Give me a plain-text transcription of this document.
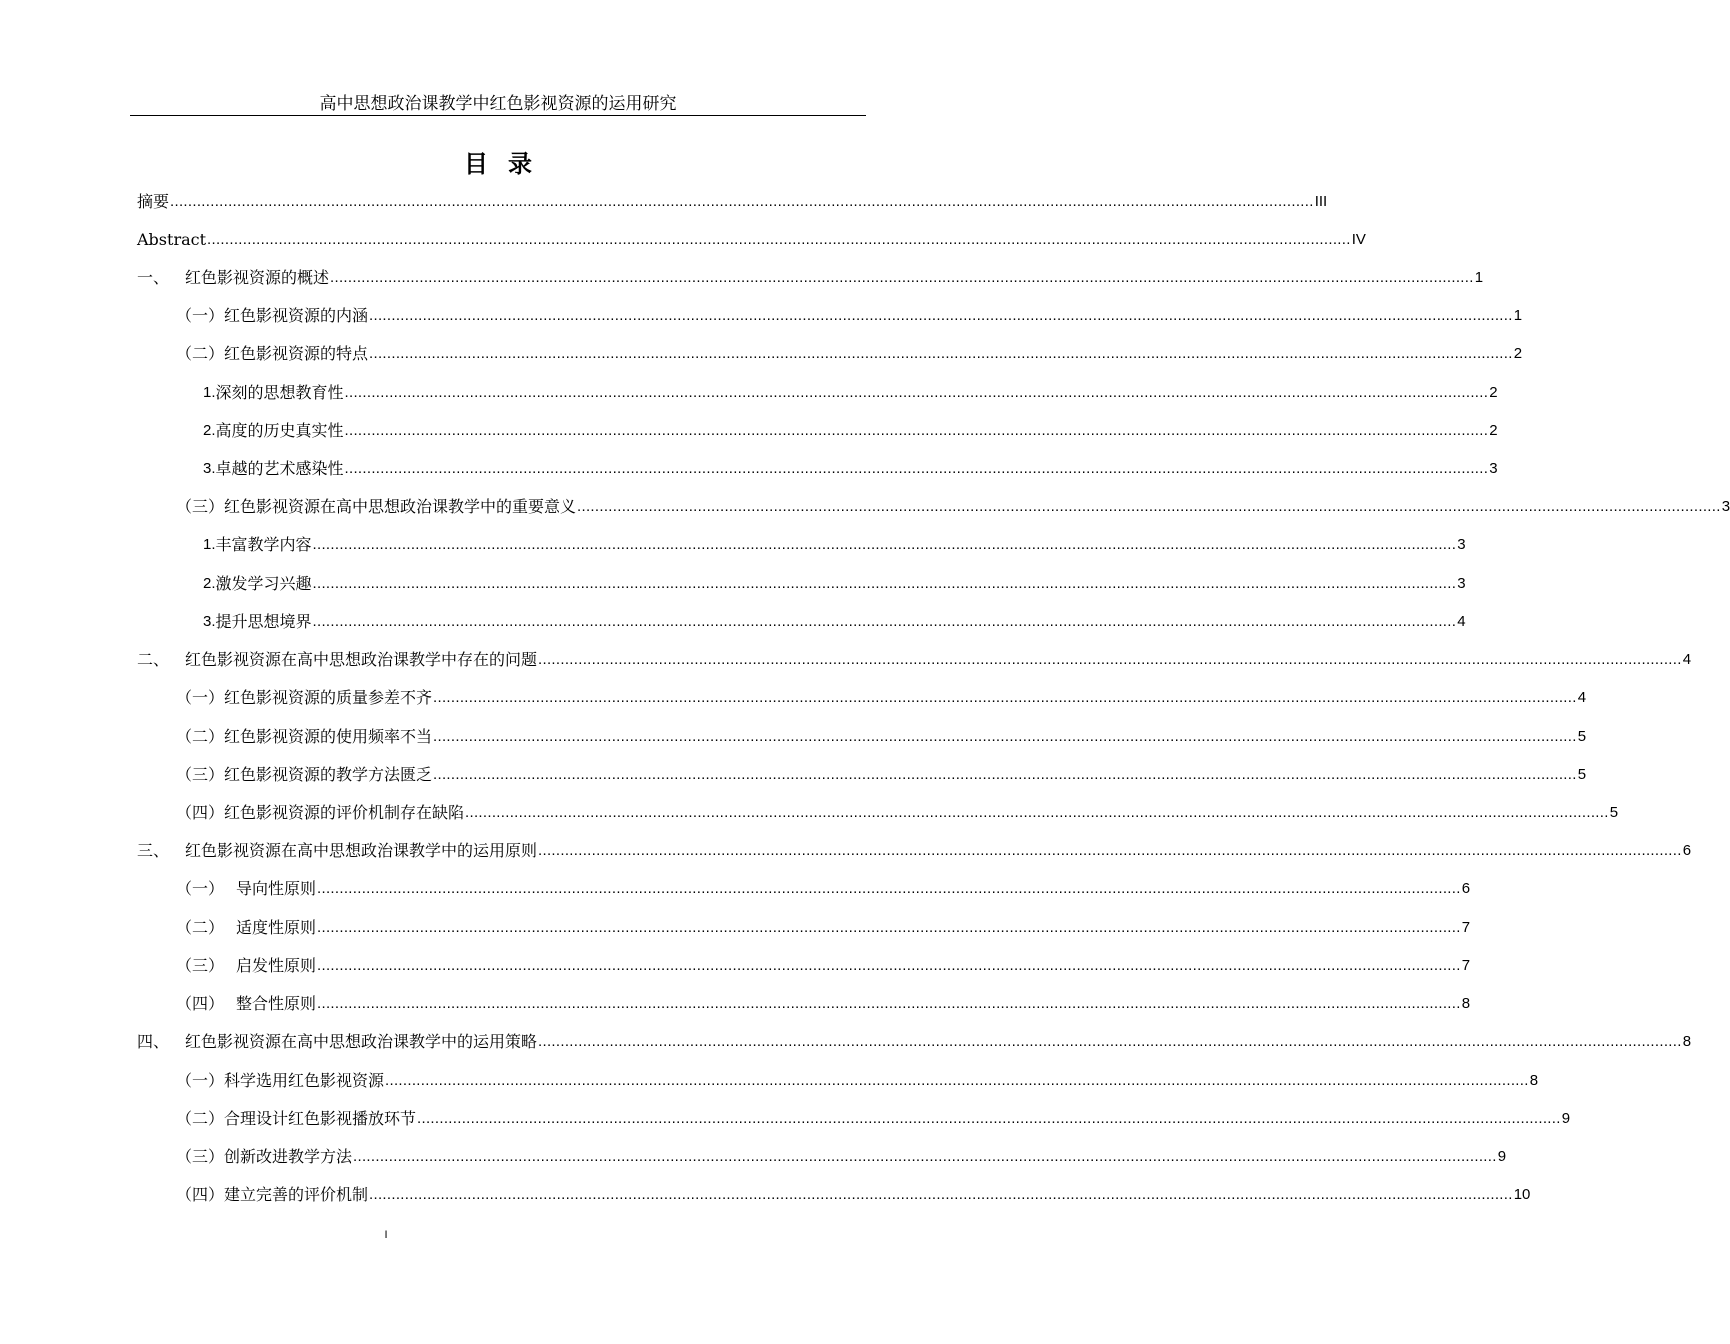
高中思想政治课教学中红色影视资源的运用研究
目录
摘要 ................................................................................................................................................................................................................................................................ III
Abstract ................................................................................................................................................................................................................................................................ IV
一、 红色影视资源的概述 ................................................................................................................................................................................................................................................................ 1
（一）红色影视资源的内涵 ................................................................................................................................................................................................................................................................ 1
（二）红色影视资源的特点 ................................................................................................................................................................................................................................................................ 2
1. 深刻的思想教育性 ................................................................................................................................................................................................................................................................ 2
2. 高度的历史真实性 ................................................................................................................................................................................................................................................................ 2
3. 卓越的艺术感染性 ................................................................................................................................................................................................................................................................ 3
（三）红色影视资源在高中思想政治课教学中的重要意义 ................................................................................................................................................................................................................................................................ 3
1. 丰富教学内容 ................................................................................................................................................................................................................................................................ 3
2. 激发学习兴趣 ................................................................................................................................................................................................................................................................ 3
3. 提升思想境界 ................................................................................................................................................................................................................................................................ 4
二、 红色影视资源在高中思想政治课教学中存在的问题 ................................................................................................................................................................................................................................................................ 4
（一）红色影视资源的质量参差不齐 ................................................................................................................................................................................................................................................................ 4
（二）红色影视资源的使用频率不当 ................................................................................................................................................................................................................................................................ 5
（三）红色影视资源的教学方法匮乏 ................................................................................................................................................................................................................................................................ 5
（四）红色影视资源的评价机制存在缺陷 ................................................................................................................................................................................................................................................................ 5
三、 红色影视资源在高中思想政治课教学中的运用原则 ................................................................................................................................................................................................................................................................ 6
（一） 导向性原则 ................................................................................................................................................................................................................................................................ 6
（二） 适度性原则 ................................................................................................................................................................................................................................................................ 7
（三） 启发性原则 ................................................................................................................................................................................................................................................................ 7
（四） 整合性原则 ................................................................................................................................................................................................................................................................ 8
四、 红色影视资源在高中思想政治课教学中的运用策略 ................................................................................................................................................................................................................................................................ 8
（一）科学选用红色影视资源 ................................................................................................................................................................................................................................................................ 8
（二）合理设计红色影视播放环节 ................................................................................................................................................................................................................................................................ 9
（三）创新改进教学方法 ................................................................................................................................................................................................................................................................ 9
（四）建立完善的评价机制 ................................................................................................................................................................................................................................................................ 10
I
